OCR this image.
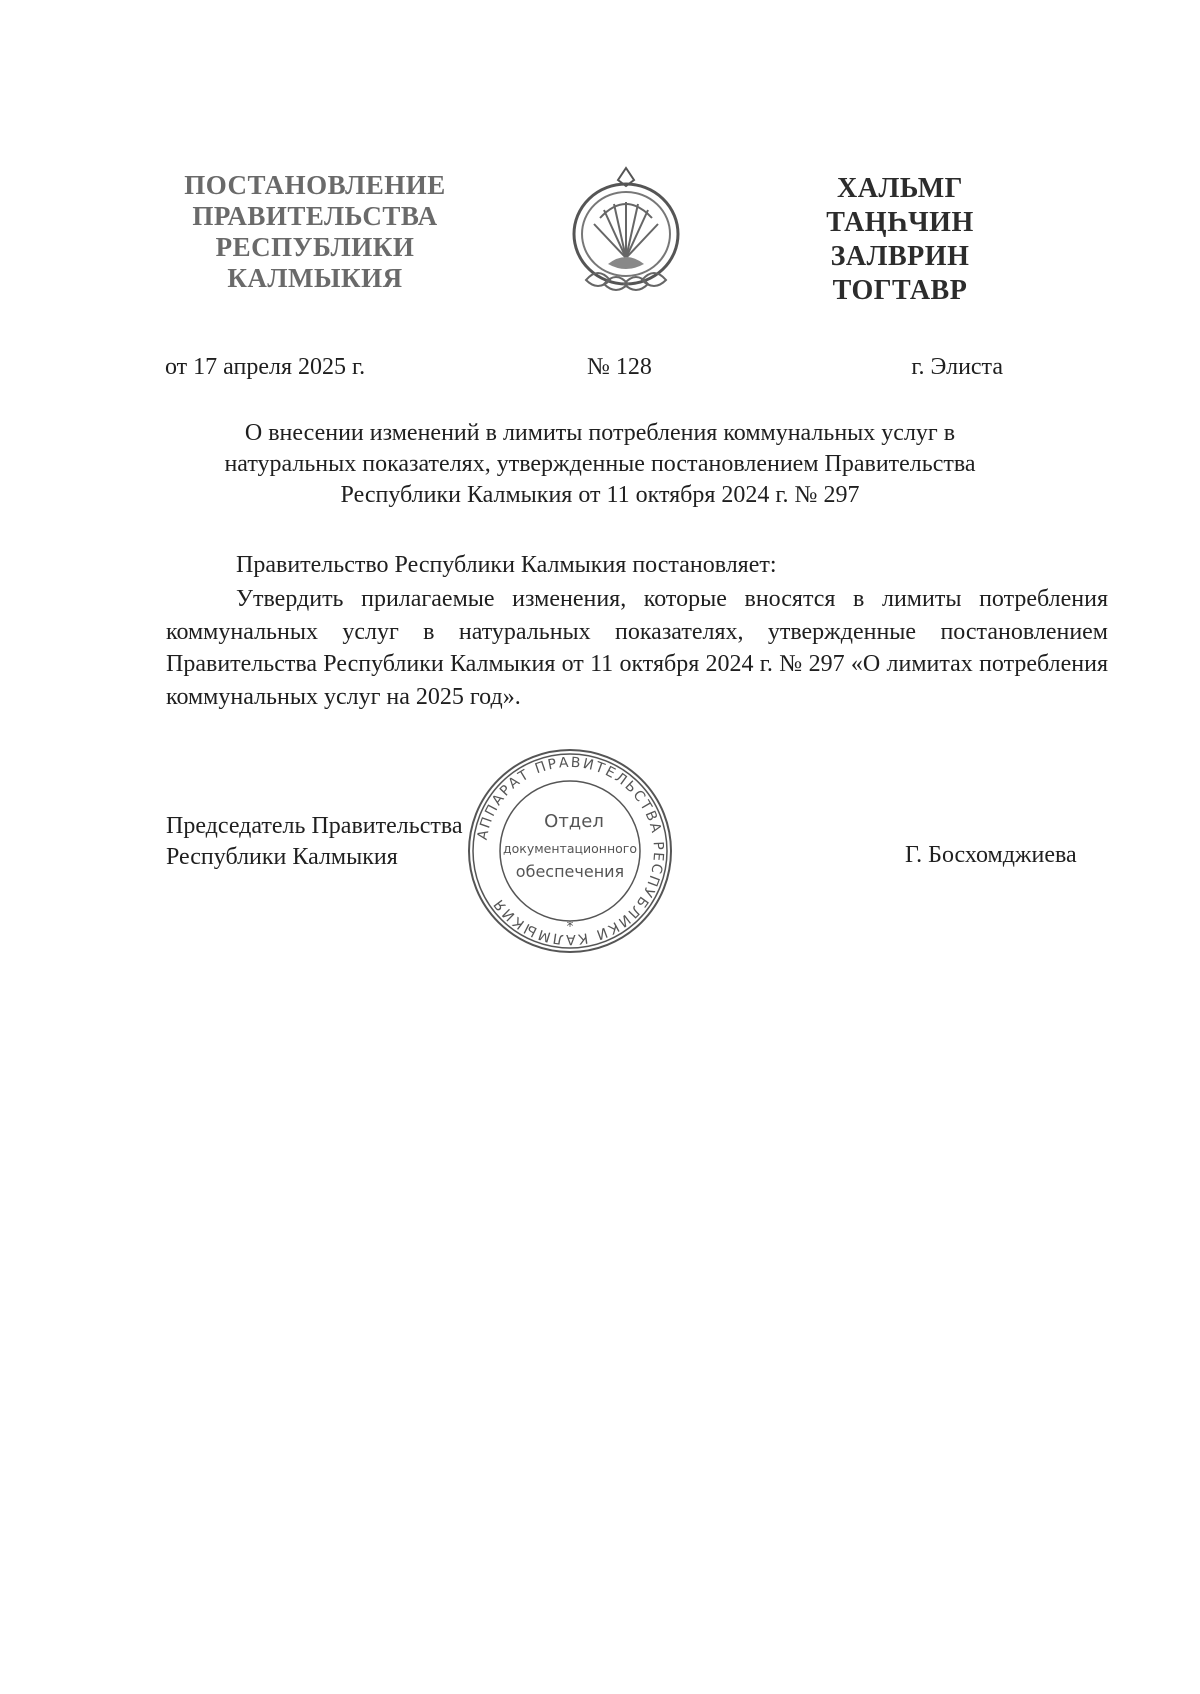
ПОСТАНОВЛЕНИЕ
ПРАВИТЕЛЬСТВА
РЕСПУБЛИКИ
КАЛМЫКИЯ
ХАЛЬМГ
ТАҢҺЧИН
ЗАЛВРИН
ТОГТАВР
от 17 апреля 2025 г.	№ 128	г. Элиста
О внесении изменений в лимиты потребления коммунальных услуг в
натуральных показателях, утвержденные постановлением Правительства
Республики Калмыкия от 11 октября 2024 г. № 297
Правительство Республики Калмыкия постановляет:
Утвердить прилагаемые изменения, которые вносятся в лимиты потребления коммунальных услуг в натуральных показателях, утвержденные постановлением Правительства Республики Калмыкия от 11 октября 2024 г. № 297 «О лимитах потребления коммунальных услуг на 2025 год».
Председатель Правительства
Республики Калмыкия	Г. Босхомджиева
АППАРАТ ПРАВИТЕЛЬСТВА РЕСПУБЛИКИ КАЛМЫКИЯ
*
Отдел
документационного
обеспечения
